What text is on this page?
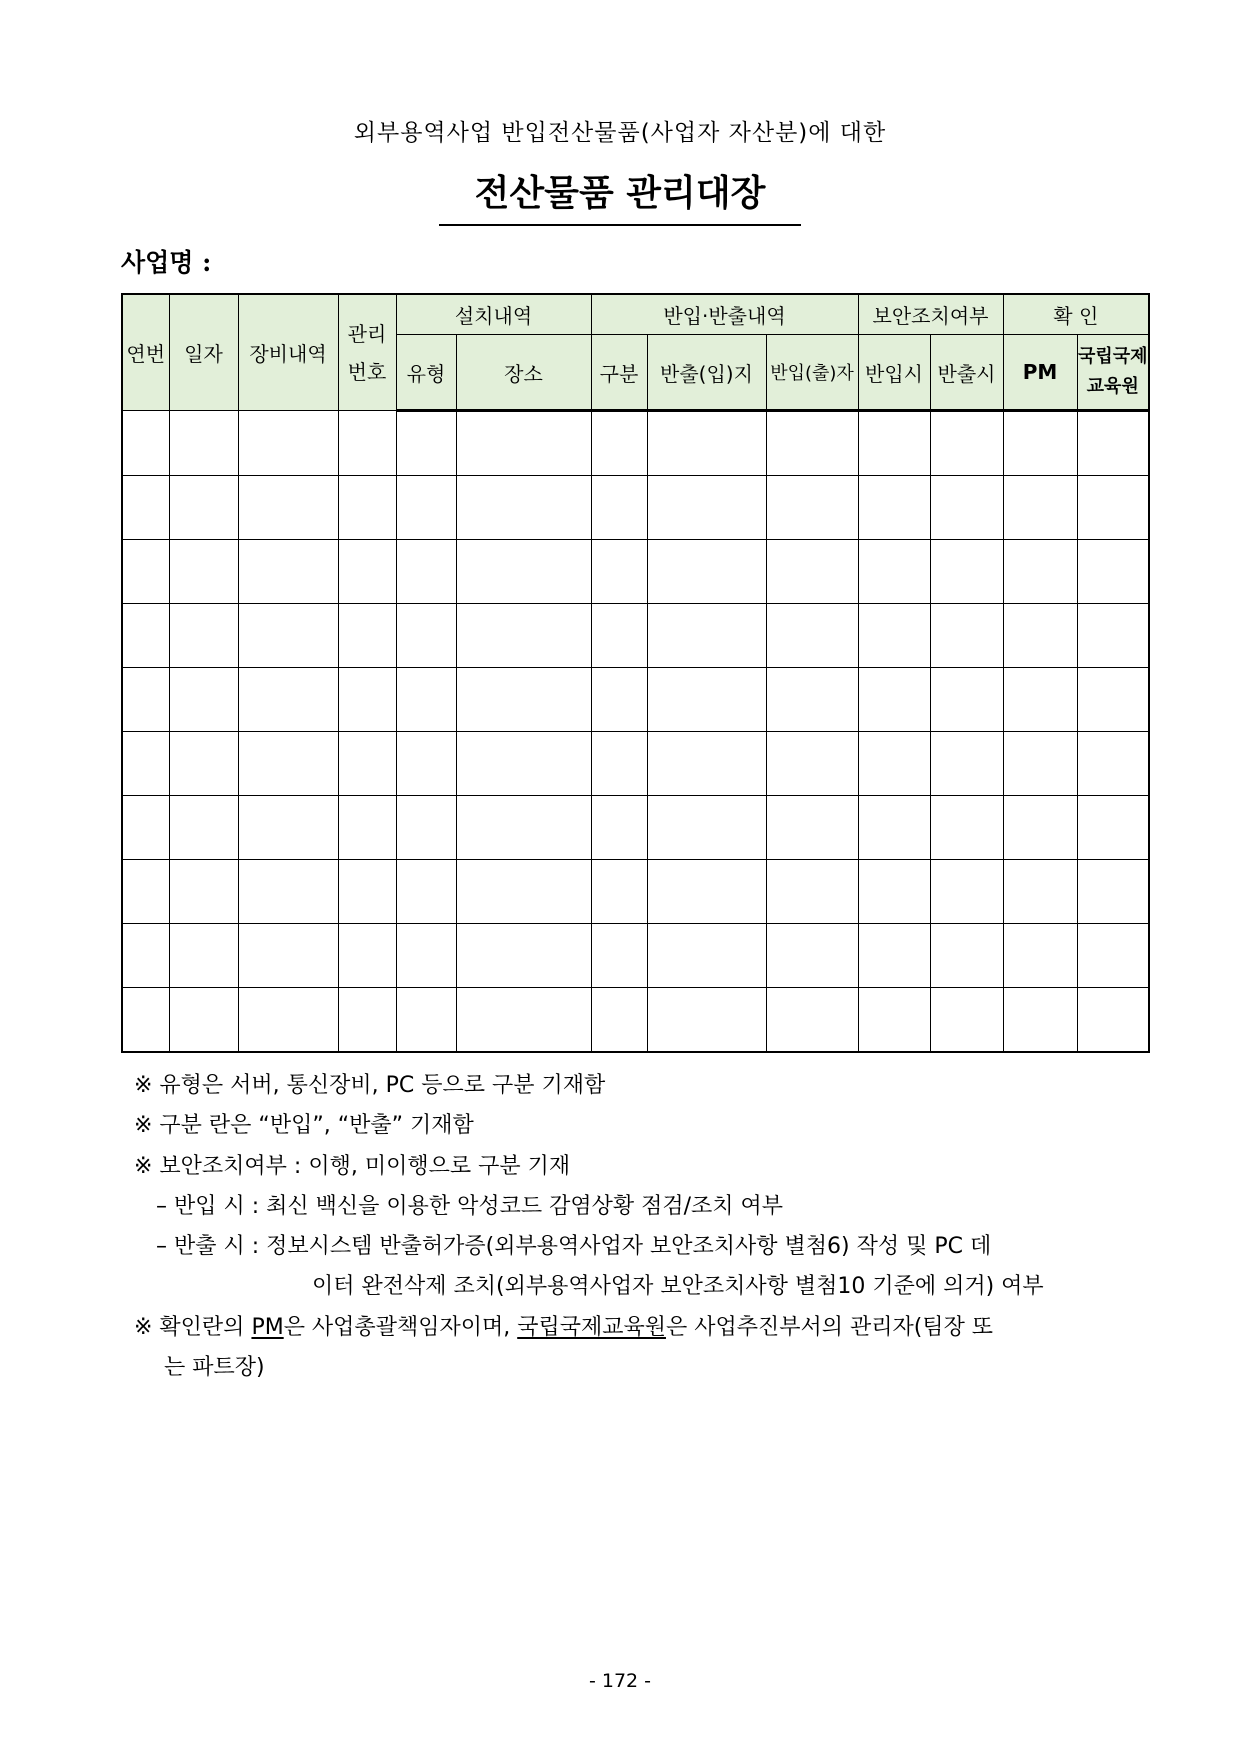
외부용역사업 반입전산물품(사업자 자산분)에 대한
전산물품 관리대장
사업명 :
연번	일자	장비내역	관리 번호	설치내역		반입·반출내역			보안조치여부		확 인	
				유형	장소	구분	반출(입)지	반입(출)자	반입시	반출시	PM	국립국제 교육원

※ 유형은 서버, 통신장비, PC 등으로 구분 기재함
※ 구분 란은 “반입”, “반출” 기재함
※ 보안조치여부 : 이행, 미이행으로 구분 기재
– 반입 시 : 최신 백신을 이용한 악성코드 감염상황 점검/조치 여부
– 반출 시 : 정보시스템 반출허가증(외부용역사업자 보안조치사항 별첨6) 작성 및 PC 데
이터 완전삭제 조치(외부용역사업자 보안조치사항 별첨10 기준에 의거) 여부
※ 확인란의 PM은 사업총괄책임자이며, 국립국제교육원은 사업추진부서의 관리자(팀장 또
는 파트장)
- 172 -
